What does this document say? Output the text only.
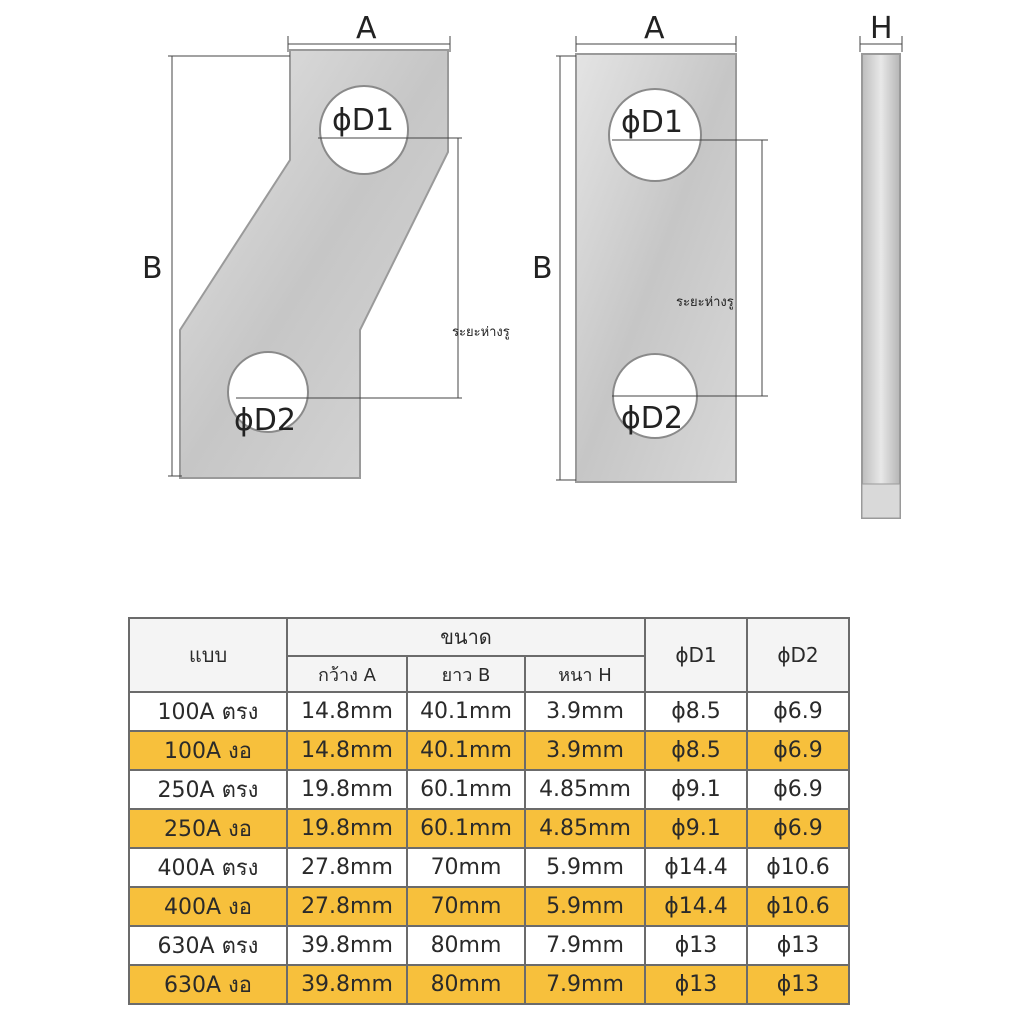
A
B
ϕD1
ϕD2
ระยะห่างรู
A
B
ϕD1
ϕD2
ระยะห่างรู
H
แบบ	ขนาด			ϕD1	ϕD2
	กว้าง A	ยาว B	หนา H		
100A ตรง	14.8mm	40.1mm	3.9mm	ϕ8.5	ϕ6.9
100A งอ	14.8mm	40.1mm	3.9mm	ϕ8.5	ϕ6.9
250A ตรง	19.8mm	60.1mm	4.85mm	ϕ9.1	ϕ6.9
250A งอ	19.8mm	60.1mm	4.85mm	ϕ9.1	ϕ6.9
400A ตรง	27.8mm	70mm	5.9mm	ϕ14.4	ϕ10.6
400A งอ	27.8mm	70mm	5.9mm	ϕ14.4	ϕ10.6
630A ตรง	39.8mm	80mm	7.9mm	ϕ13	ϕ13
630A งอ	39.8mm	80mm	7.9mm	ϕ13	ϕ13
